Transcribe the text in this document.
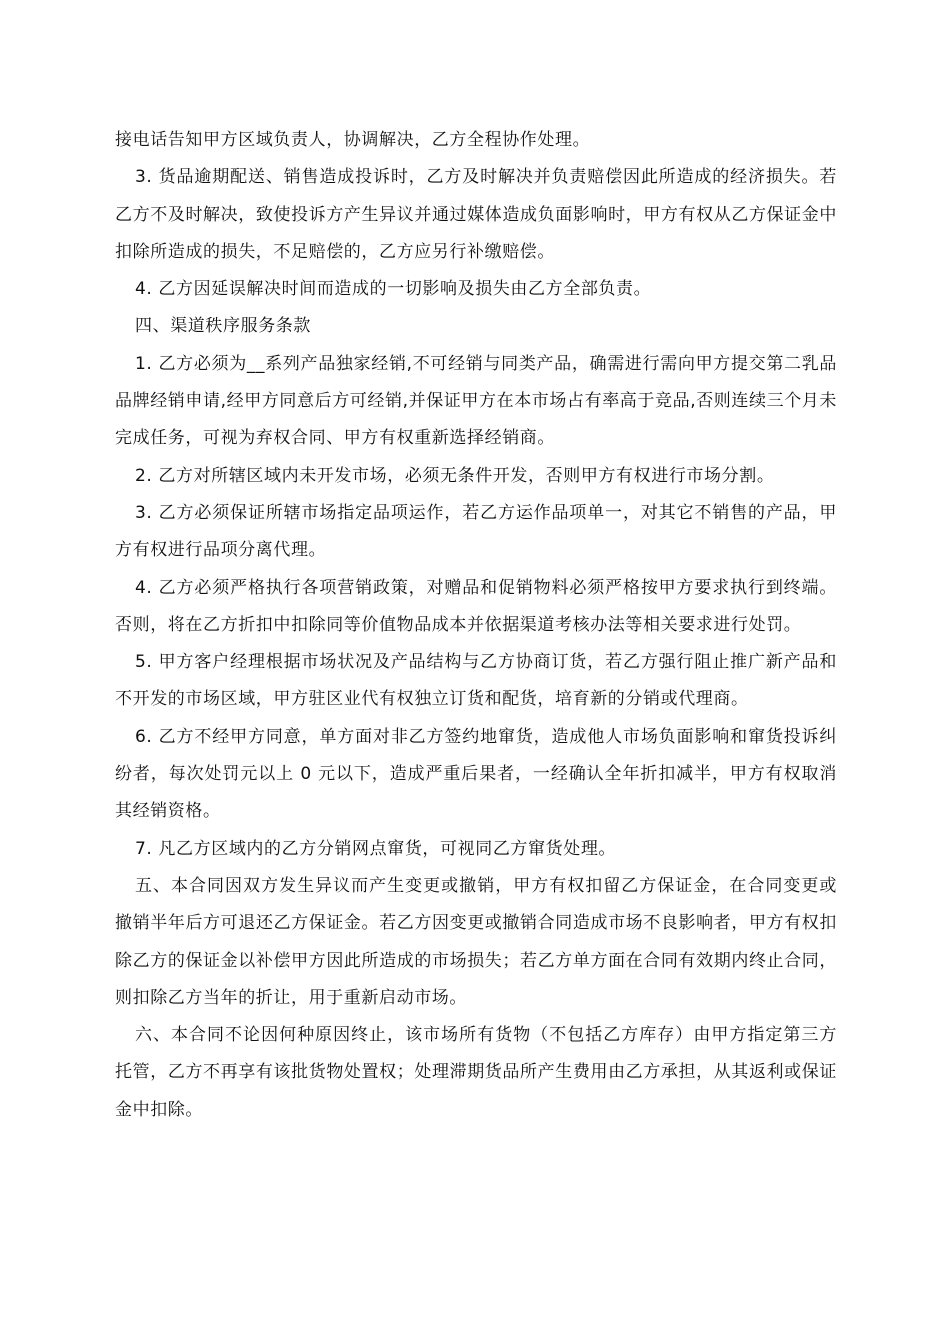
接电话告知甲方区域负责人，协调解决，乙方全程协作处理。

3. 货品逾期配送、销售造成投诉时，乙方及时解决并负责赔偿因此所造成的经济损失。若乙方不及时解决，致使投诉方产生异议并通过媒体造成负面影响时，甲方有权从乙方保证金中扣除所造成的损失，不足赔偿的，乙方应另行补缴赔偿。

4. 乙方因延误解决时间而造成的一切影响及损失由乙方全部负责。

四、渠道秩序服务条款

1. 乙方必须为__系列产品独家经销,不可经销与同类产品，确需进行需向甲方提交第二乳品品牌经销申请,经甲方同意后方可经销,并保证甲方在本市场占有率高于竞品,否则连续三个月未完成任务，可视为弃权合同、甲方有权重新选择经销商。

2. 乙方对所辖区域内未开发市场，必须无条件开发，否则甲方有权进行市场分割。

3. 乙方必须保证所辖市场指定品项运作，若乙方运作品项单一，对其它不销售的产品，甲方有权进行品项分离代理。

4. 乙方必须严格执行各项营销政策，对赠品和促销物料必须严格按甲方要求执行到终端。否则，将在乙方折扣中扣除同等价值物品成本并依据渠道考核办法等相关要求进行处罚。

5. 甲方客户经理根据市场状况及产品结构与乙方协商订货，若乙方强行阻止推广新产品和不开发的市场区域，甲方驻区业代有权独立订货和配货，培育新的分销或代理商。

6. 乙方不经甲方同意，单方面对非乙方签约地窜货，造成他人市场负面影响和窜货投诉纠纷者，每次处罚元以上 0 元以下，造成严重后果者，一经确认全年折扣减半，甲方有权取消其经销资格。

7. 凡乙方区域内的乙方分销网点窜货，可视同乙方窜货处理。

五、本合同因双方发生异议而产生变更或撤销，甲方有权扣留乙方保证金，在合同变更或撤销半年后方可退还乙方保证金。若乙方因变更或撤销合同造成市场不良影响者，甲方有权扣除乙方的保证金以补偿甲方因此所造成的市场损失；若乙方单方面在合同有效期内终止合同，则扣除乙方当年的折让，用于重新启动市场。

六、本合同不论因何种原因终止，该市场所有货物（不包括乙方库存）由甲方指定第三方托管，乙方不再享有该批货物处置权；处理滞期货品所产生费用由乙方承担，从其返利或保证金中扣除。
